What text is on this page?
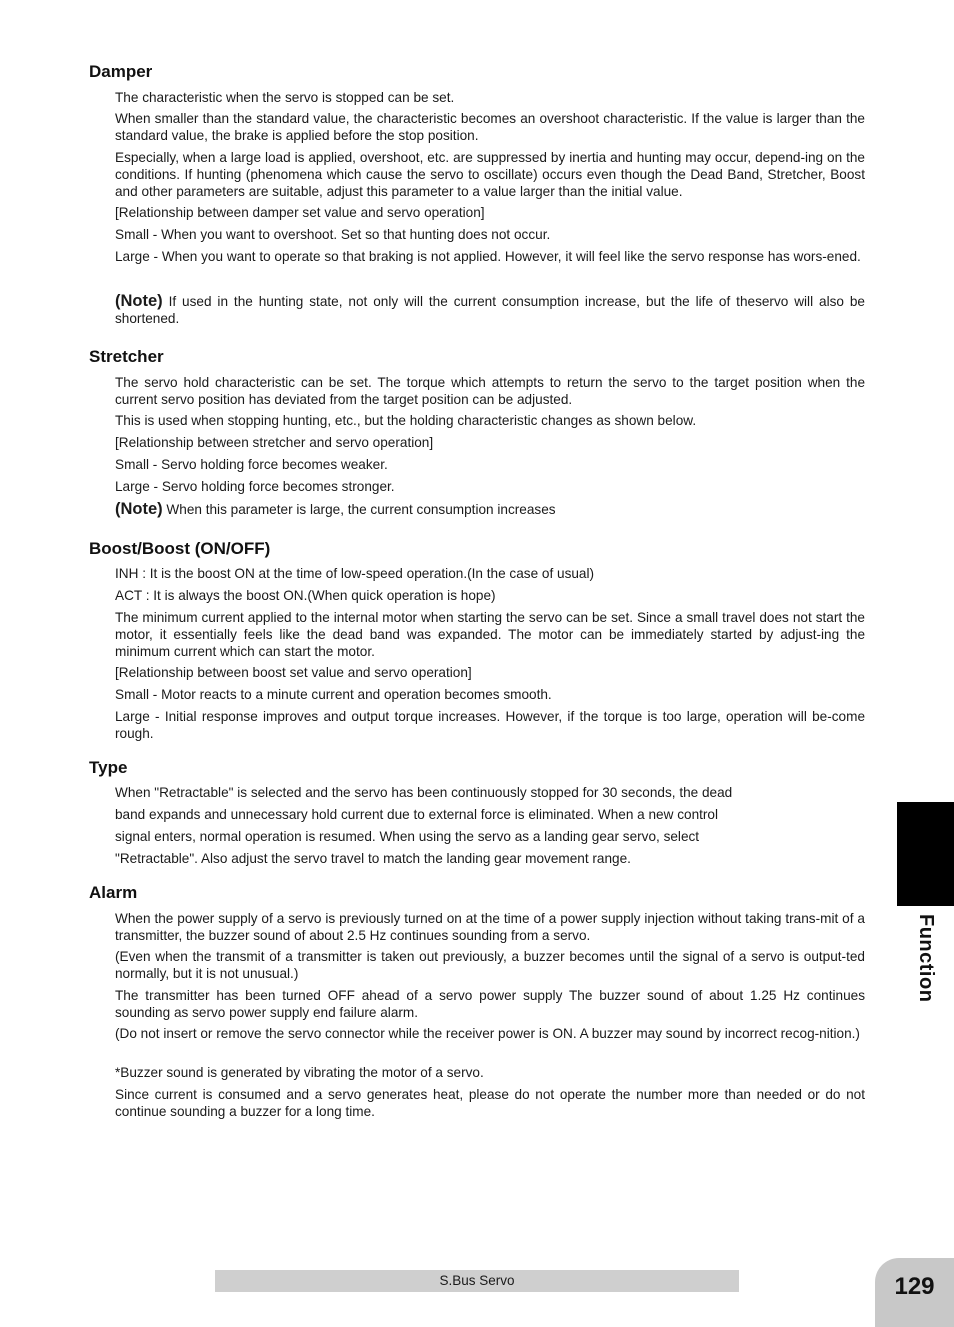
Damper

The characteristic when the servo is stopped can be set.

When smaller than the standard value, the characteristic becomes an overshoot characteristic. If the value is larger than the standard value, the brake is applied before the stop position.

Especially, when a large load is applied, overshoot, etc. are suppressed by inertia and hunting may occur, depend-ing on the conditions. If hunting (phenomena which cause the servo to oscillate) occurs even though the Dead Band, Stretcher, Boost and other parameters are suitable, adjust this parameter to a value larger than the initial value.

[Relationship between damper set value and servo operation]

Small - When you want to overshoot. Set so that hunting does not occur.

Large - When you want to operate so that braking is not applied. However, it will feel like the servo response has wors-ened.

(Note) If used in the hunting state, not only will the current consumption increase, but the life of theservo will also be shortened.

Stretcher

The servo hold characteristic can be set. The torque which attempts to return the servo to the target position when the current servo position has deviated from the target position can be adjusted.

This is used when stopping hunting, etc., but the holding characteristic changes as shown below.

[Relationship between stretcher and servo operation]

Small - Servo holding force becomes weaker.

Large - Servo holding force becomes stronger.

(Note) When this parameter is large, the current consumption increases

Boost/Boost (ON/OFF)

INH : It is the boost ON at the time of low-speed operation.(In the case of usual)

ACT : It is always the boost ON.(When quick operation is hope)

The minimum current applied to the internal motor when starting the servo can be set. Since a small travel does not start the motor, it essentially feels like the dead band was expanded. The motor can be immediately started by adjust-ing the minimum current which can start the motor.

[Relationship between boost set value and servo operation]

Small - Motor reacts to a minute current and operation becomes smooth.

Large - Initial response improves and output torque increases. However, if the torque is too large, operation will be-come rough.

Type

When "Retractable" is selected and the servo has been continuously stopped for 30 seconds, the dead

band expands and unnecessary hold current due to external force is eliminated. When a new control

signal enters, normal operation is resumed. When using the servo as a landing gear servo, select

"Retractable". Also adjust the servo travel to match the landing gear movement range.

Alarm

When the power supply of a servo is previously turned on at the time of a power supply injection without taking trans-mit of a transmitter, the buzzer sound of about 2.5 Hz continues sounding from a servo.

(Even when the transmit of a transmitter is taken out previously, a buzzer becomes until the signal of a servo is output-ted normally, but it is not unusual.)

The transmitter has been turned OFF ahead of a servo power supply The buzzer sound of about 1.25 Hz continues sounding as servo power supply end failure alarm.

(Do not insert or remove the servo connector while the receiver power is ON. A buzzer may sound by incorrect recog-nition.)

*Buzzer sound is generated by vibrating the motor of a servo.

Since current is consumed and a servo generates heat, please do not operate the number more than needed or do not continue sounding a buzzer for a long time.

Function
S.Bus Servo	129
